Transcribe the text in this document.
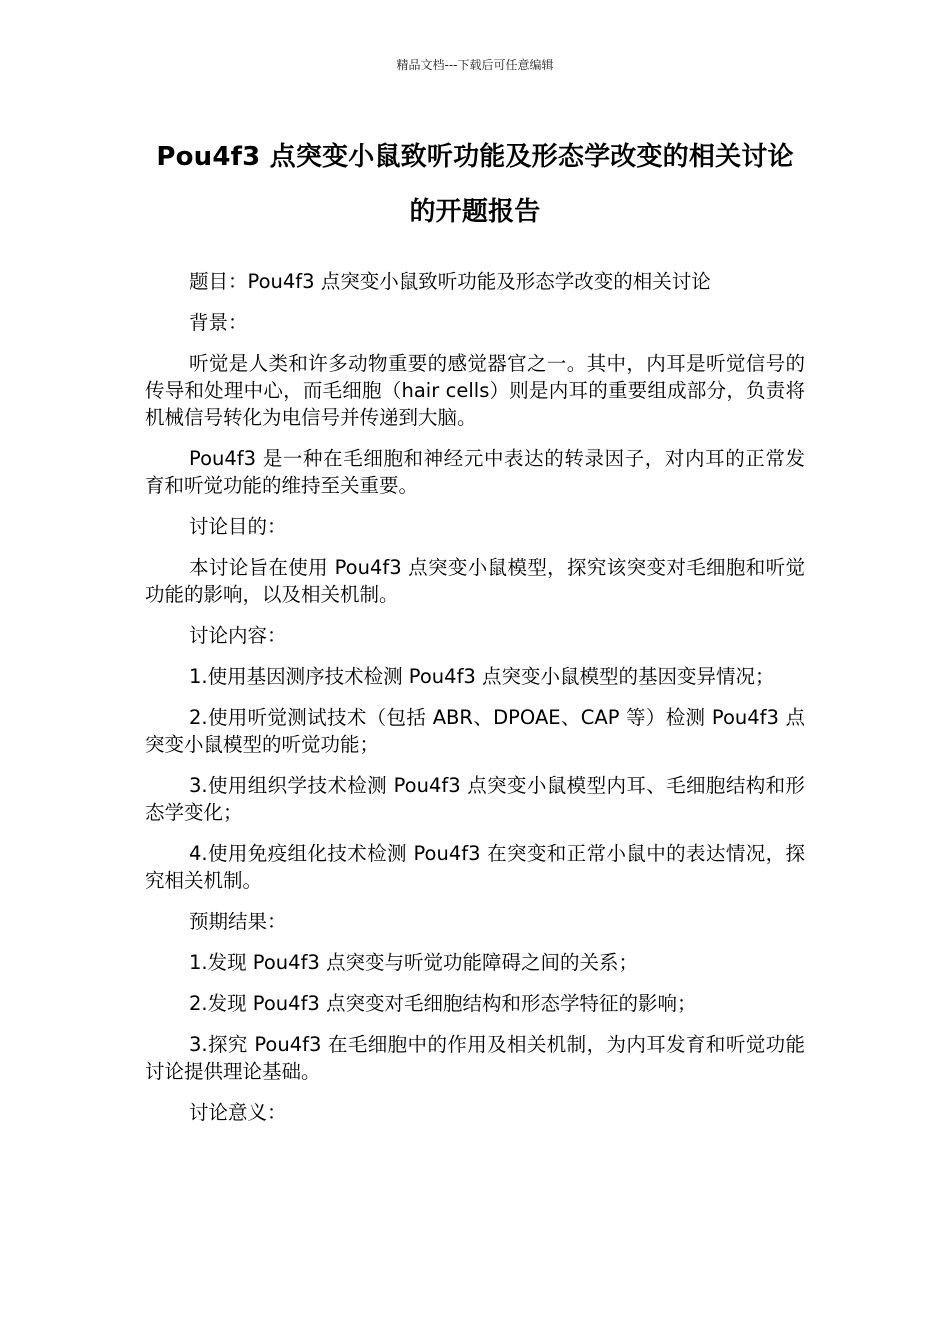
精品文档---下载后可任意编辑
Pou4f3 点突变小鼠致听功能及形态学改变的相关讨论的开题报告

题目：Pou4f3 点突变小鼠致听功能及形态学改变的相关讨论

背景：

听觉是人类和许多动物重要的感觉器官之一。其中，内耳是听觉信号的传导和处理中心，而毛细胞（hair cells）则是内耳的重要组成部分，负责将机械信号转化为电信号并传递到大脑。

Pou4f3 是一种在毛细胞和神经元中表达的转录因子，对内耳的正常发育和听觉功能的维持至关重要。

讨论目的：

本讨论旨在使用 Pou4f3 点突变小鼠模型，探究该突变对毛细胞和听觉功能的影响，以及相关机制。

讨论内容：

1.使用基因测序技术检测 Pou4f3 点突变小鼠模型的基因变异情况；

2.使用听觉测试技术（包括 ABR、DPOAE、CAP 等）检测 Pou4f3 点突变小鼠模型的听觉功能；

3.使用组织学技术检测 Pou4f3 点突变小鼠模型内耳、毛细胞结构和形态学变化；

4.使用免疫组化技术检测 Pou4f3 在突变和正常小鼠中的表达情况，探究相关机制。

预期结果：

1.发现 Pou4f3 点突变与听觉功能障碍之间的关系；

2.发现 Pou4f3 点突变对毛细胞结构和形态学特征的影响；

3.探究 Pou4f3 在毛细胞中的作用及相关机制，为内耳发育和听觉功能讨论提供理论基础。

讨论意义：
